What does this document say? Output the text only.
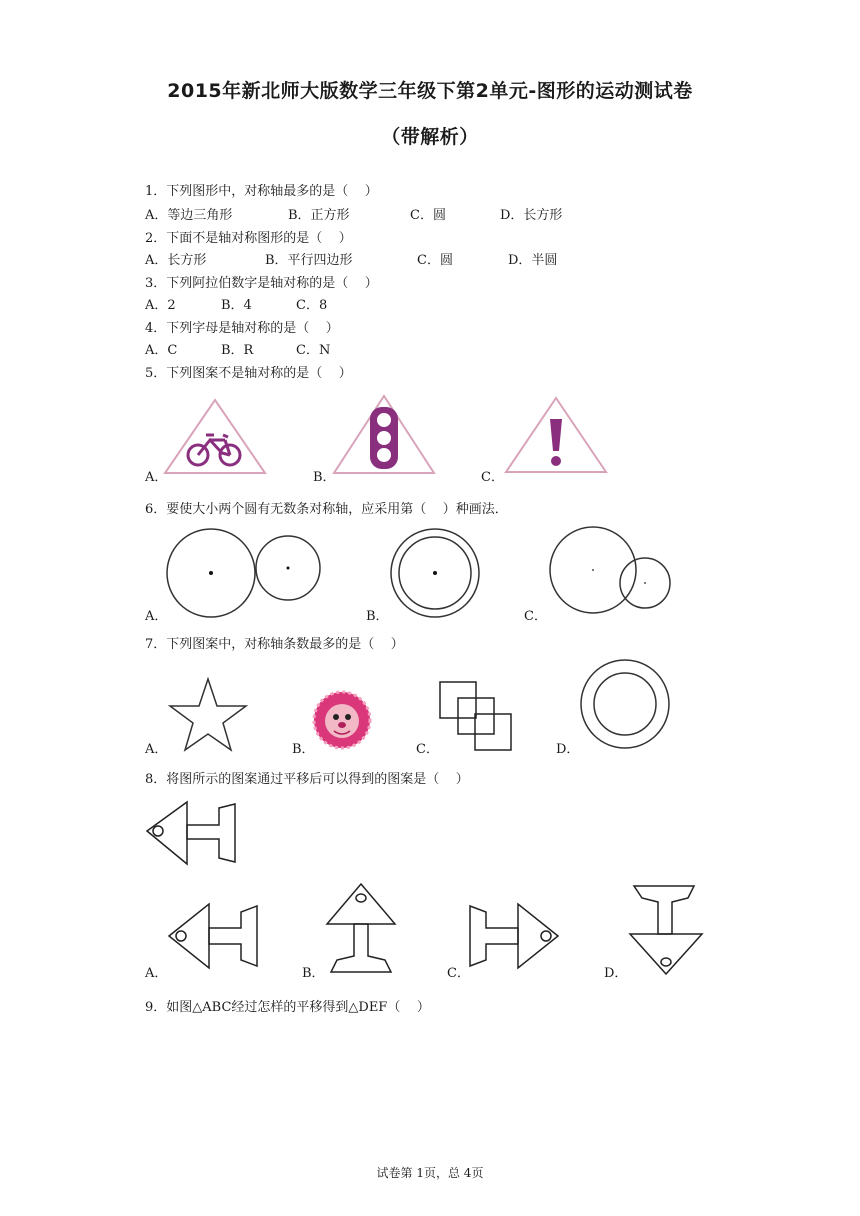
2015年新北师大版数学三年级下第2单元-图形的运动测试卷
（带解析）
1．下列图形中，对称轴最多的是（    ）
A．等边三角形	B．正方形	C．圆	D．长方形
2．下面不是轴对称图形的是（    ）
A．长方形	B．平行四边形	C．圆	D．半圆
3．下列阿拉伯数字是轴对称的是（    ）
A．2	B．4	C．8
4．下列字母是轴对称的是（    ）
A．C	B．R	C．N
5．下列图案不是轴对称的是（    ）
A．	B．	C．
6．要使大小两个圆有无数条对称轴，应采用第（    ）种画法．
A．	B．	C．
7．下列图案中，对称轴条数最多的是（    ）
A．	B．	C．	D．
8．将图所示的图案通过平移后可以得到的图案是（    ）
A．	B．	C．	D．
9．如图△ABC经过怎样的平移得到△DEF（    ）
试卷第 1页，总 4页
